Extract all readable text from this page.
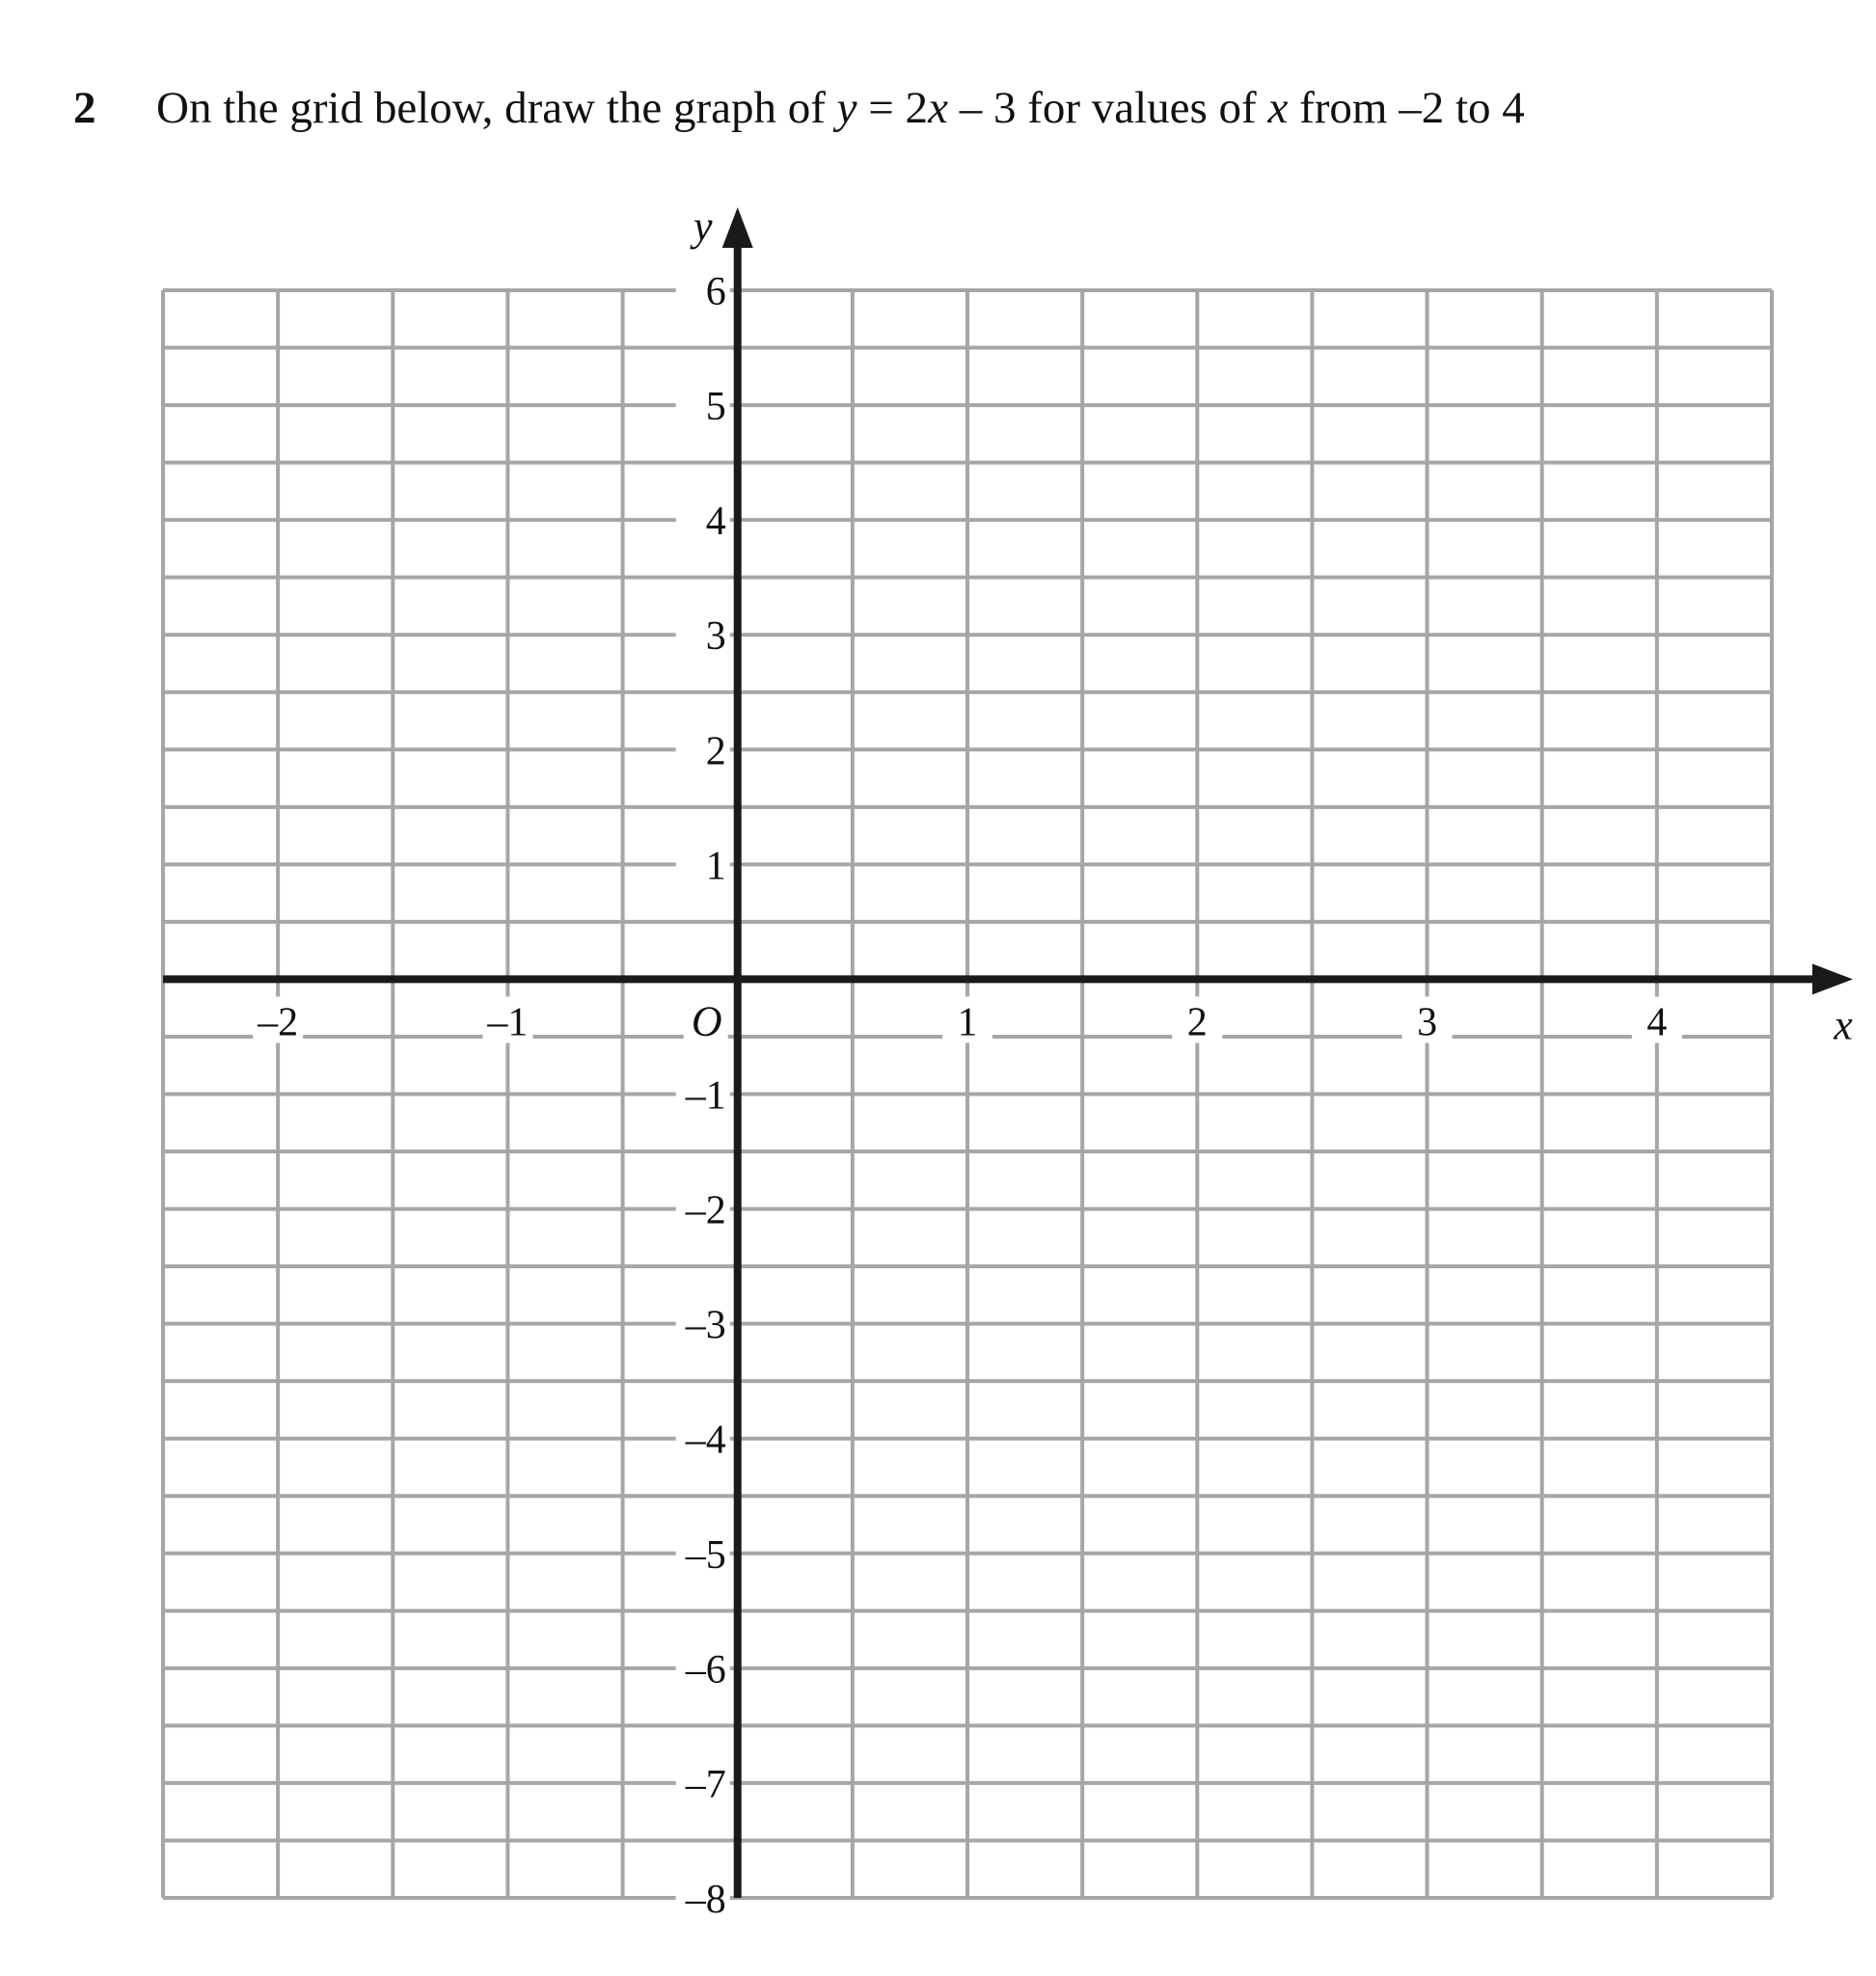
2 On the grid below, draw the graph of y = 2x – 3 for values of x from –2 to 4
–2	–1	1	2	3	4
6
5
4
3
2
1
–1
–2
–3
–4
–5
–6
–7
–8
O	x
y
